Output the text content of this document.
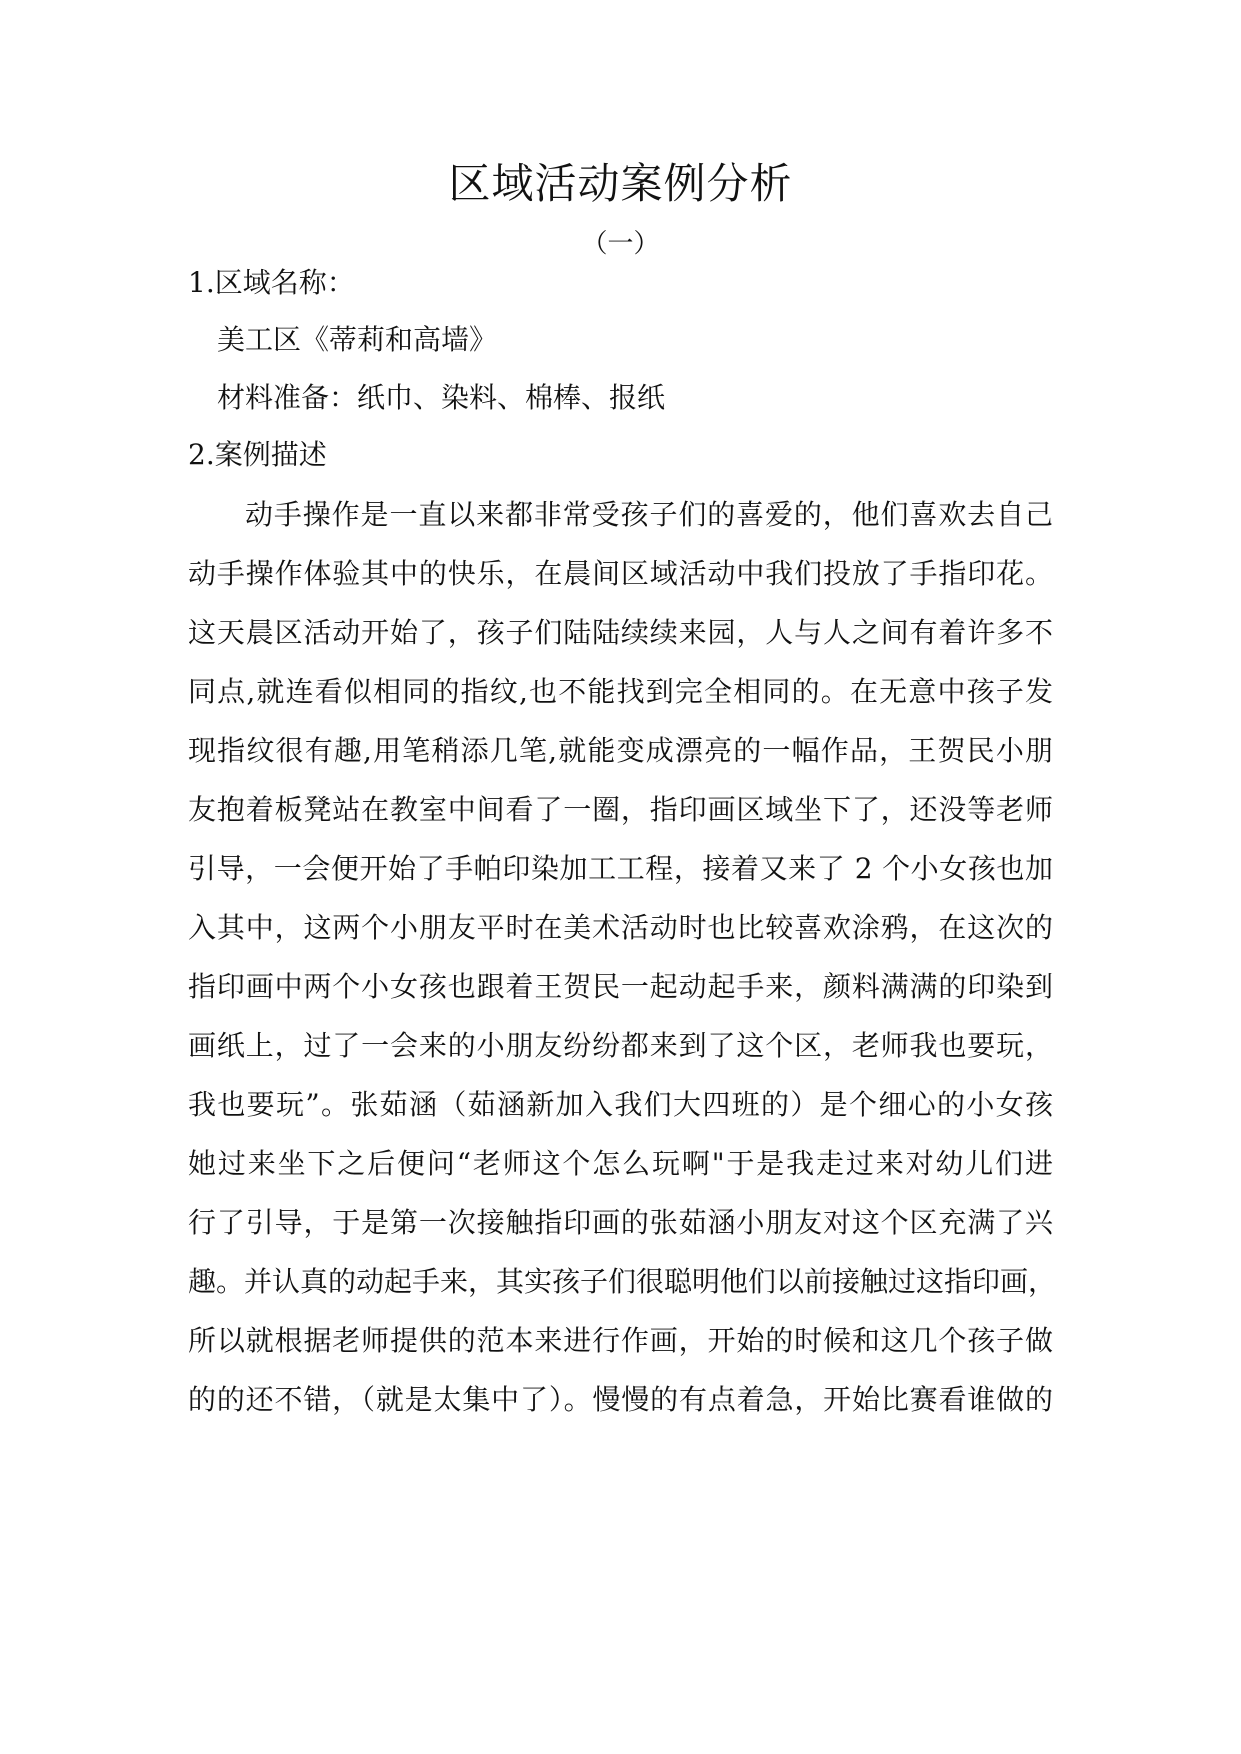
区域活动案例分析
（一）
1.区域名称：
美工区《蒂莉和高墙》
材料准备：纸巾、染料、棉棒、报纸
2.案例描述
动手操作是一直以来都非常受孩子们的喜爱的，他们喜欢去自己
动手操作体验其中的快乐，在晨间区域活动中我们投放了手指印花。
这天晨区活动开始了，孩子们陆陆续续来园，人与人之间有着许多不
同点,就连看似相同的指纹,也不能找到完全相同的。在无意中孩子发
现指纹很有趣,用笔稍添几笔,就能变成漂亮的一幅作品，王贺民小朋
友抱着板凳站在教室中间看了一圈，指印画区域坐下了，还没等老师
引导，一会便开始了手帕印染加工工程，接着又来了 2 个小女孩也加
入其中，这两个小朋友平时在美术活动时也比较喜欢涂鸦，在这次的
指印画中两个小女孩也跟着王贺民一起动起手来，颜料满满的印染到
画纸上，过了一会来的小朋友纷纷都来到了这个区，老师我也要玩，
我也要玩”。张茹涵（茹涵新加入我们大四班的）是个细心的小女孩
她过来坐下之后便问“老师这个怎么玩啊"于是我走过来对幼儿们进
行了引导，于是第一次接触指印画的张茹涵小朋友对这个区充满了兴
趣。并认真的动起手来，其实孩子们很聪明他们以前接触过这指印画，
所以就根据老师提供的范本来进行作画，开始的时候和这几个孩子做
的的还不错，（就是太集中了）。慢慢的有点着急，开始比赛看谁做的
